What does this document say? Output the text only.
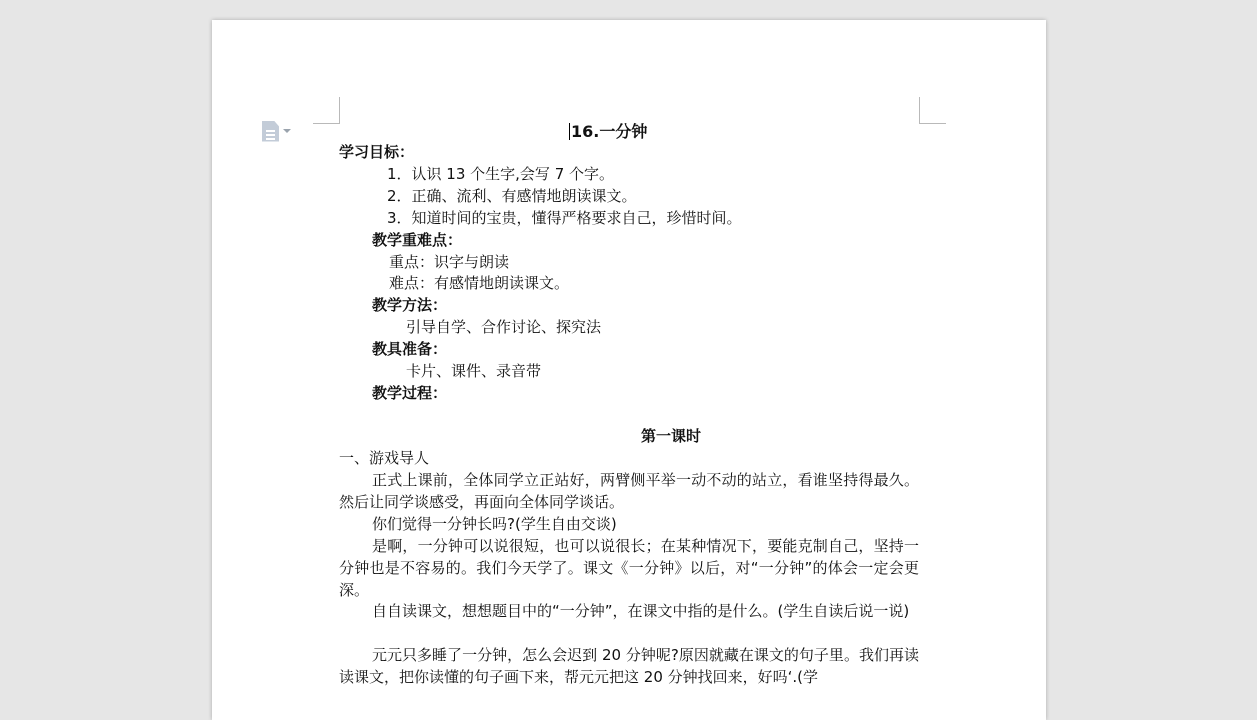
16.一分钟
学习目标：
1．认识 13 个生字,会写 7 个字。
2．正确、流利、有感情地朗读课文。
3．知道时间的宝贵，懂得严格要求自己，珍惜时间。
教学重难点：
重点：识字与朗读
难点：有感情地朗读课文。
教学方法：
引导自学、合作讨论、探究法
教具准备：
卡片、课件、录音带
教学过程：
第一课时
一、游戏导人
正式上课前，全体同学立正站好，两臂侧平举一动不动的站立，看谁坚持得最久。然后让同学谈感受，再面向全体同学谈话。
你们觉得一分钟长吗?(学生自由交谈)
是啊，一分钟可以说很短，也可以说很长；在某种情况下，要能克制自己，坚持一分钟也是不容易的。我们今天学了。课文《一分钟》以后，对“一分钟”的体会一定会更深。
自自读课文，想想题目中的“一分钟”，在课文中指的是什么。(学生自读后说一说)
元元只多睡了一分钟，怎么会迟到 20 分钟呢?原因就藏在课文的句子里。我们再读读课文，把你读懂的句子画下来，帮元元把这 20 分钟找回来，好吗‘.(学
